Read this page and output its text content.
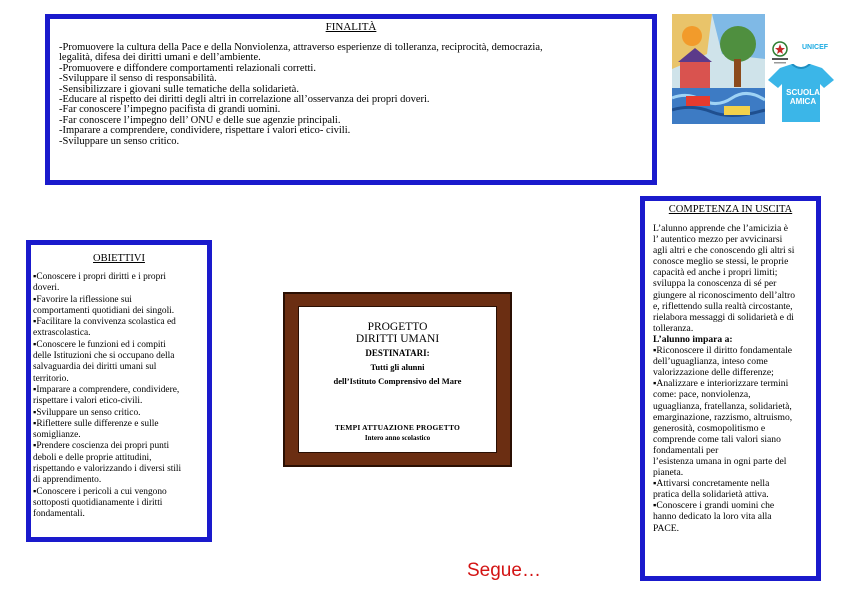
FINALITÀ
-Promuovere la cultura della Pace e della Nonviolenza, attraverso esperienze di tolleranza, reciprocità, democrazia,
legalità, difesa dei diritti umani e dell’ambiente.
-Promuovere e diffondere comportamenti relazionali corretti.
-Sviluppare il senso di responsabilità.
-Sensibilizzare i giovani sulle tematiche della solidarietà.
-Educare al rispetto dei diritti degli altri in correlazione all’osservanza dei propri doveri.
-Far conoscere l’impegno pacifista di grandi uomini.
-Far conoscere l’impegno dell’ ONU e delle sue agenzie principali.
-Imparare a comprendere, condividere, rispettare i valori etico- civili.
-Sviluppare un senso critico.
UNICEF
SCUOLA AMICA
COMPETENZA IN USCITA
L’alunno apprende che l’amicizia è
l’ autentico mezzo per avvicinarsi
agli altri e che conoscendo gli altri si
conosce meglio se stessi, le proprie
capacità ed anche i propri limiti;
sviluppa la conoscenza di sé per
giungere al riconoscimento dell’altro
e, riflettendo sulla realtà circostante,
rielabora messaggi di solidarietà e di
tolleranza.
L’alunno impara a:
▪Riconoscere il diritto fondamentale
dell’uguaglianza, inteso come
valorizzazione delle differenze;
▪Analizzare e interiorizzare termini
come: pace, nonviolenza,
uguaglianza, fratellanza, solidarietà,
emarginazione, razzismo, altruismo,
generosità, cosmopolitismo e
comprende come tali valori siano
fondamentali per
l’esistenza umana in ogni parte del
pianeta.
▪Attivarsi concretamente nella
pratica della solidarietà attiva.
▪Conoscere i grandi uomini che
hanno dedicato la loro vita alla
PACE.
OBIETTIVI
▪Conoscere i propri diritti e i propri
doveri.
▪Favorire la riflessione sui
comportamenti quotidiani dei singoli.
▪Facilitare la convivenza scolastica ed
extrascolastica.
▪Conoscere le funzioni ed i compiti
delle Istituzioni che si occupano della
salvaguardia dei diritti umani sul
territorio.
▪Imparare a comprendere, condividere,
rispettare i valori etico-civili.
▪Sviluppare un senso critico.
▪Riflettere sulle differenze e sulle
somiglianze.
▪Prendere coscienza dei propri punti
deboli e delle proprie attitudini,
rispettando e valorizzando i diversi stili
di apprendimento.
▪Conoscere i pericoli a cui vengono
sottoposti quotidianamente i diritti
fondamentali.
PROGETTO
DIRITTI UMANI
DESTINATARI:
Tutti gli alunni
dell’Istituto Comprensivo del Mare
TEMPI ATTUAZIONE PROGETTO
Intero anno scolastico
Segue…
